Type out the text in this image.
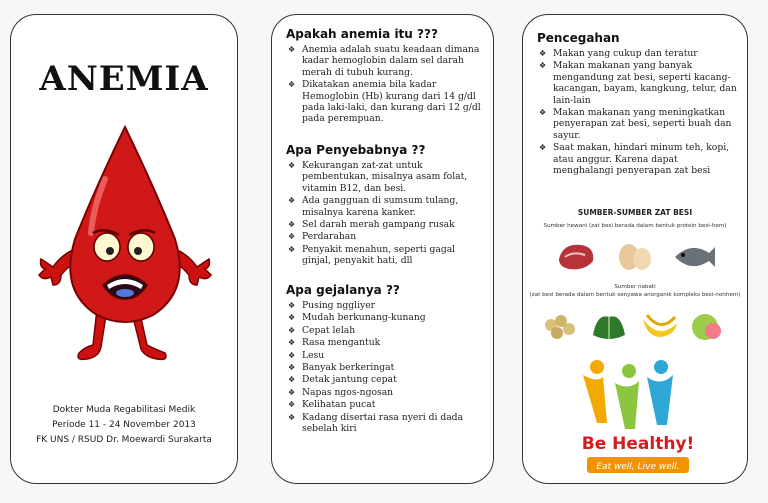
ANEMIA
Dokter Muda Regabilitasi Medik
Periode 11 - 24 November 2013
FK UNS / RSUD Dr. Moewardi Surakarta
Apakah anemia itu ???
❖ Anemia adalah suatu keadaan dimana kadar hemoglobin dalam sel darah merah di tubuh kurang.
❖ Dikatakan anemia bila kadar Hemoglobin (Hb) kurang dari 14 g/dl pada laki-laki, dan kurang dari 12 g/dl pada perempuan.
Apa Penyebabnya ??
❖ Kekurangan zat-zat untuk pembentukan, misalnya asam folat, vitamin B12, dan besi.
❖ Ada gangguan di sumsum tulang, misalnya karena kanker.
❖ Sel darah merah gampang rusak
❖ Perdarahan
❖ Penyakit menahun, seperti gagal ginjal, penyakit hati, dll
Apa gejalanya ??
❖ Pusing nggliyer
❖ Mudah berkunang-kunang
❖ Cepat lelah
❖ Rasa mengantuk
❖ Lesu
❖ Banyak berkeringat
❖ Detak jantung cepat
❖ Napas ngos-ngosan
❖ Kelihatan pucat
❖ Kadang disertai rasa nyeri di dada sebelah kiri
Pencegahan
❖ Makan yang cukup dan teratur
❖ Makan makanan yang banyak mengandung zat besi, seperti kacang-kacangan, bayam, kangkung, telur, dan lain-lain
❖ Makan makanan yang meningkatkan penyerapan zat besi, seperti buah dan sayur.
❖ Saat makan, hindari minum teh, kopi, atau anggur. Karena dapat menghalangi penyerapan zat besi
SUMBER-SUMBER ZAT BESI
Sumber hewani (zat besi berada dalam bentuk protein besi-hem)
Sumber nabati
(zat besi berada dalam bentuk senyawa anorganik kompleks besi-nonhem)
Be Healthy!
Eat well, Live well.
